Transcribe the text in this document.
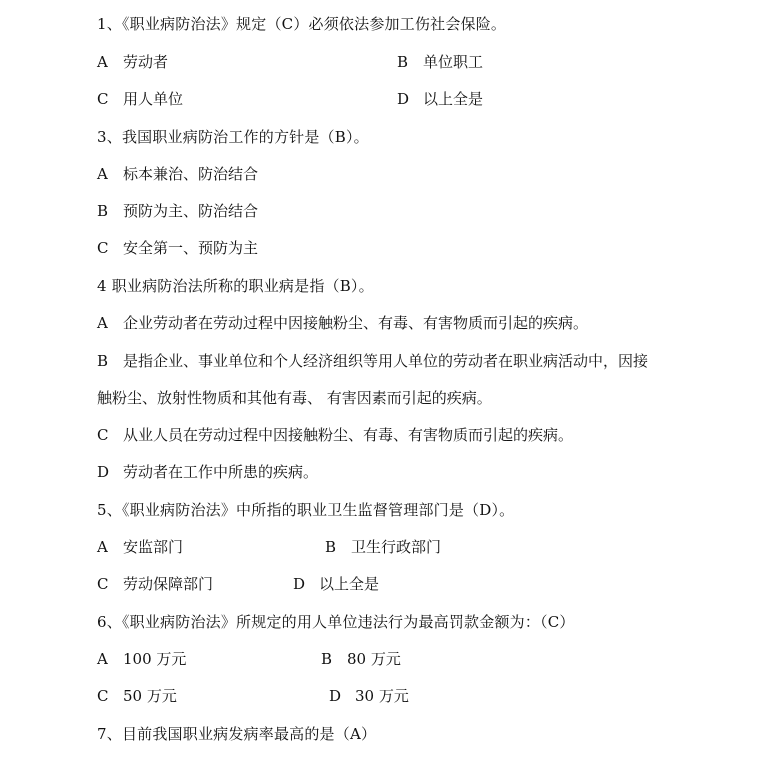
1、《职业病防治法》规定（C）必须依法参加工伤社会保险。
A 劳动者	B 单位职工
C 用人单位	D 以上全是
3、我国职业病防治工作的方针是（B）。
A 标本兼治、防治结合
B 预防为主、防治结合
C 安全第一、预防为主
4 职业病防治法所称的职业病是指（B）。
A 企业劳动者在劳动过程中因接触粉尘、有毒、有害物质而引起的疾病。
B 是指企业、事业单位和个人经济组织等用人单位的劳动者在职业病活动中，因接
触粉尘、放射性物质和其他有毒、 有害因素而引起的疾病。
C 从业人员在劳动过程中因接触粉尘、有毒、有害物质而引起的疾病。
D 劳动者在工作中所患的疾病。
5、《职业病防治法》中所指的职业卫生监督管理部门是（D）。
A 安监部门	B 卫生行政部门
C 劳动保障部门	D 以上全是
6、《职业病防治法》所规定的用人单位违法行为最高罚款金额为：（C）
A 100 万元	B 80 万元
C 50 万元	D 30 万元
7、目前我国职业病发病率最高的是（A）
